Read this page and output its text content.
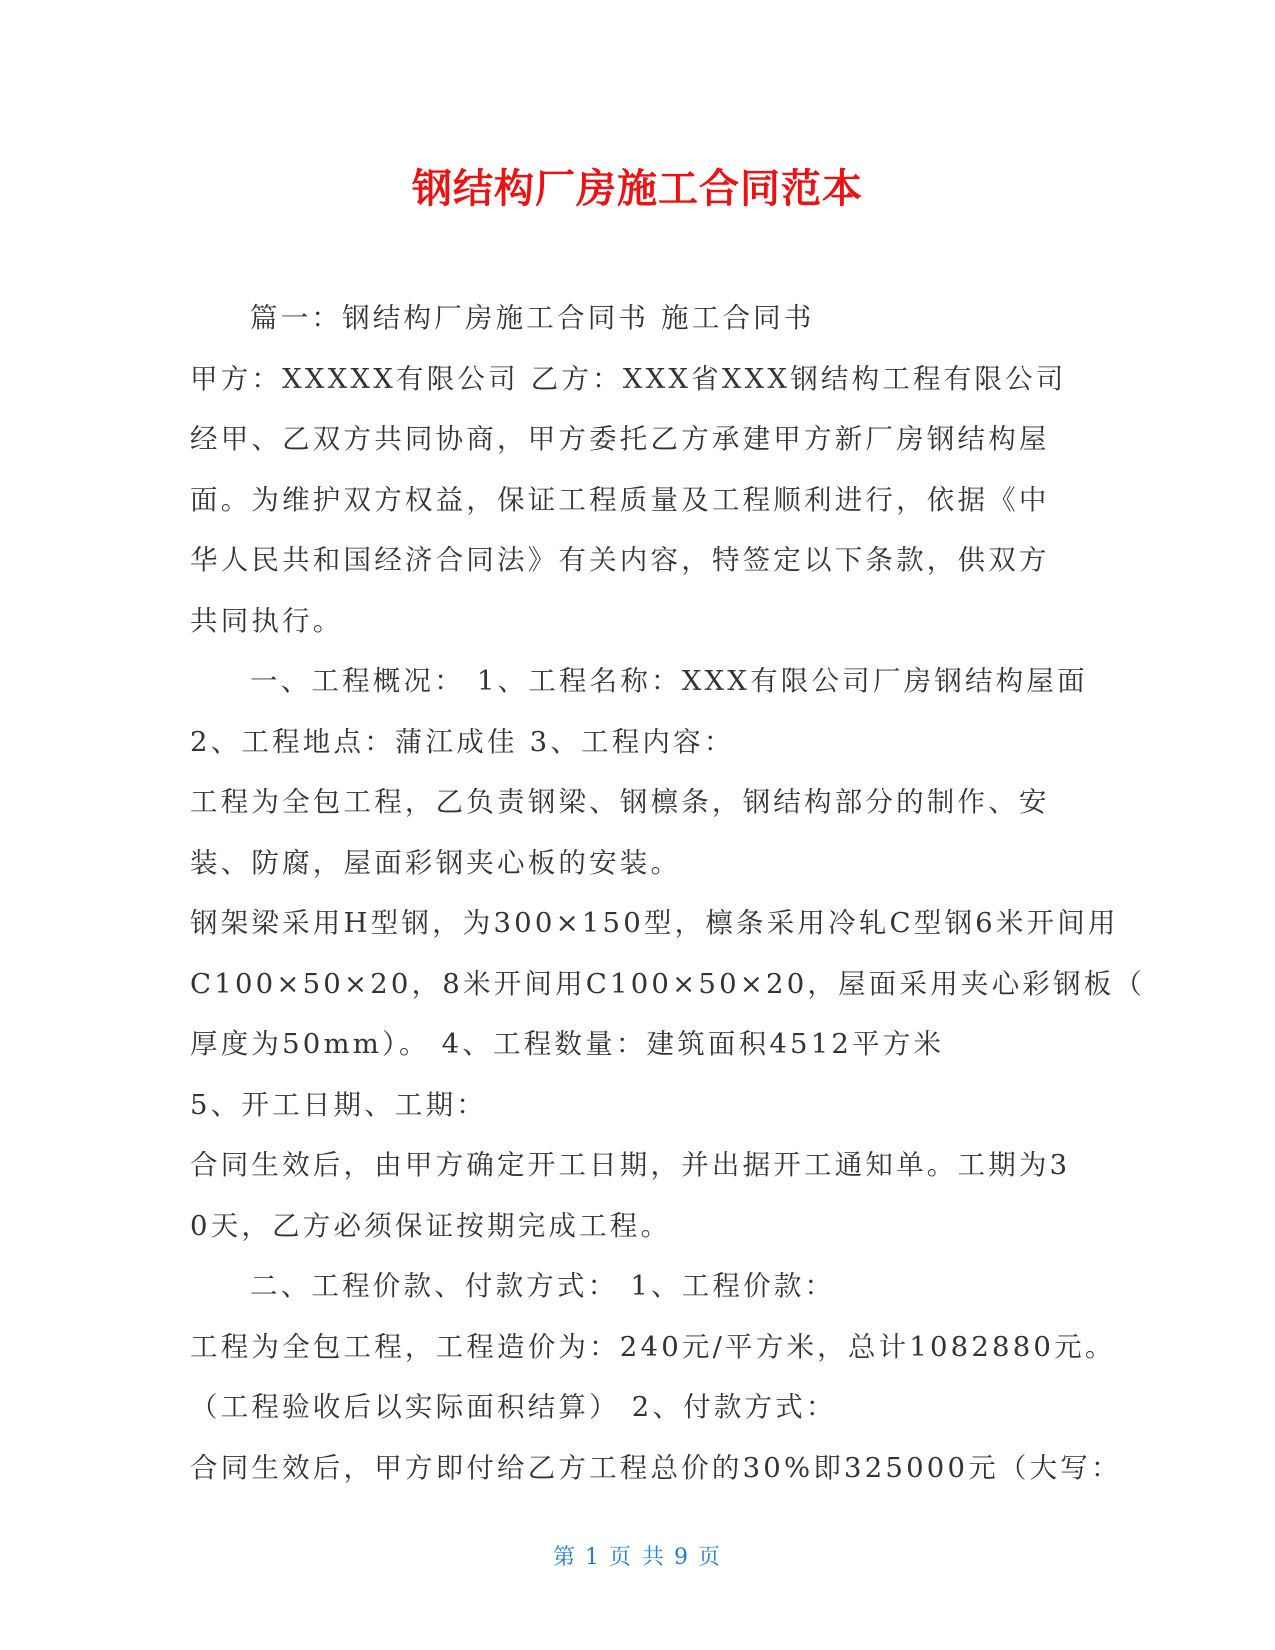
钢结构厂房施工合同范本
篇一：钢结构厂房施工合同书 施工合同书
甲方：XXXXX有限公司 乙方：XXX省XXX钢结构工程有限公司
经甲、乙双方共同协商，甲方委托乙方承建甲方新厂房钢结构屋
面。为维护双方权益，保证工程质量及工程顺利进行，依据《中
华人民共和国经济合同法》有关内容，特签定以下条款，供双方
共同执行。
一、工程概况： 1、工程名称：XXX有限公司厂房钢结构屋面
2、工程地点：蒲江成佳 3、工程内容：
工程为全包工程，乙负责钢梁、钢檩条，钢结构部分的制作、安
装、防腐，屋面彩钢夹心板的安装。
钢架梁采用H型钢，为300×150型，檩条采用冷轧C型钢6米开间用
C100×50×20，8米开间用C100×50×20，屋面采用夹心彩钢板（
厚度为50mm）。 4、工程数量：建筑面积4512平方米
5、开工日期、工期：
合同生效后，由甲方确定开工日期，并出据开工通知单。工期为3
0天，乙方必须保证按期完成工程。
二、工程价款、付款方式： 1、工程价款：
工程为全包工程，工程造价为：240元/平方米，总计1082880元。
（工程验收后以实际面积结算） 2、付款方式：
合同生效后，甲方即付给乙方工程总价的30%即325000元（大写：
第 1 页 共 9 页
